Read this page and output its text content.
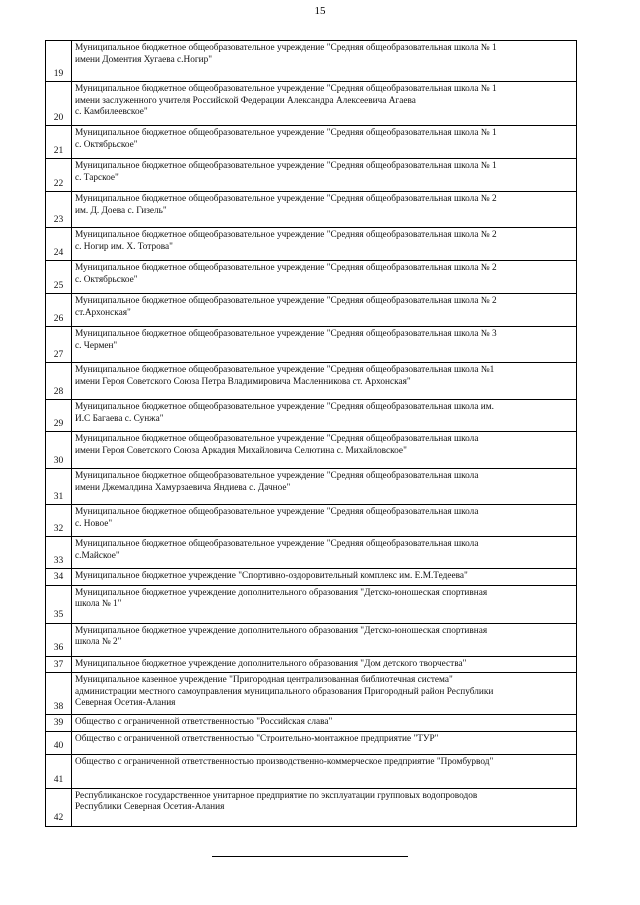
15
19	Муниципальное бюджетное общеобразовательное учреждение "Средняя общеобразовательная школа № 1
имени Доментия Хугаева с.Ногир"
20	Муниципальное бюджетное общеобразовательное учреждение "Средняя общеобразовательная школа № 1
имени заслуженного учителя Российской Федерации Александра Алексеевича Агаева
с. Камбилеевское"
21	Муниципальное бюджетное общеобразовательное учреждение "Средняя общеобразовательная школа № 1
с. Октябрьское"
22	Муниципальное бюджетное общеобразовательное учреждение "Средняя общеобразовательная школа № 1
с. Тарское"
23	Муниципальное бюджетное общеобразовательное учреждение "Средняя общеобразовательная школа № 2
им. Д. Доева с. Гизель"
24	Муниципальное бюджетное общеобразовательное учреждение "Средняя общеобразовательная школа № 2
с. Ногир им. Х. Тотрова"
25	Муниципальное бюджетное общеобразовательное учреждение "Средняя общеобразовательная школа № 2
с. Октябрьское"
26	Муниципальное бюджетное общеобразовательное учреждение "Средняя общеобразовательная школа № 2
ст.Архонская"
27	Муниципальное бюджетное общеобразовательное учреждение "Средняя общеобразовательная школа № 3
с. Чермен"
28	Муниципальное бюджетное общеобразовательное учреждение "Средняя общеобразовательная школа №1
имени Героя Советского Союза Петра Владимировича Масленникова ст. Архонская"
29	Муниципальное бюджетное общеобразовательное учреждение "Средняя общеобразовательная школа им.
И.С Багаева с. Сунжа"
30	Муниципальное бюджетное общеобразовательное учреждение "Средняя общеобразовательная школа
имени Героя Советского Союза Аркадия Михайловича Селютина с. Михайловское"
31	Муниципальное бюджетное общеобразовательное учреждение "Средняя общеобразовательная школа
имени Джемалдина Хамурзаевича Яндиева с. Дачное"
32	Муниципальное бюджетное общеобразовательное учреждение "Средняя общеобразовательная школа
с. Новое"
33	Муниципальное бюджетное общеобразовательное учреждение "Средняя общеобразовательная школа
с.Майское"
34	Муниципальное бюджетное учреждение "Спортивно-оздоровительный комплекс им. Е.М.Тедеева"
35	Муниципальное бюджетное учреждение дополнительного образования "Детско-юношеская спортивная
школа № 1"
36	Муниципальное бюджетное учреждение дополнительного образования "Детско-юношеская спортивная
школа № 2"
37	Муниципальное бюджетное учреждение дополнительного образования "Дом детского творчества"
38	Муниципальное казенное учреждение "Пригородная централизованная библиотечная система"
администрации местного самоуправления муниципального образования Пригородный район Республики
Северная Осетия-Алания
39	Общество с ограниченной ответственностью "Российская слава"
40	Общество с ограниченной ответственностью "Строительно-монтажное предприятие "ТУР"
41	Общество с ограниченной ответственностью производственно-коммерческое предприятие "Промбурвод"
42	Республиканское государственное унитарное предприятие по эксплуатации групповых водопроводов
Республики Северная Осетия-Алания
